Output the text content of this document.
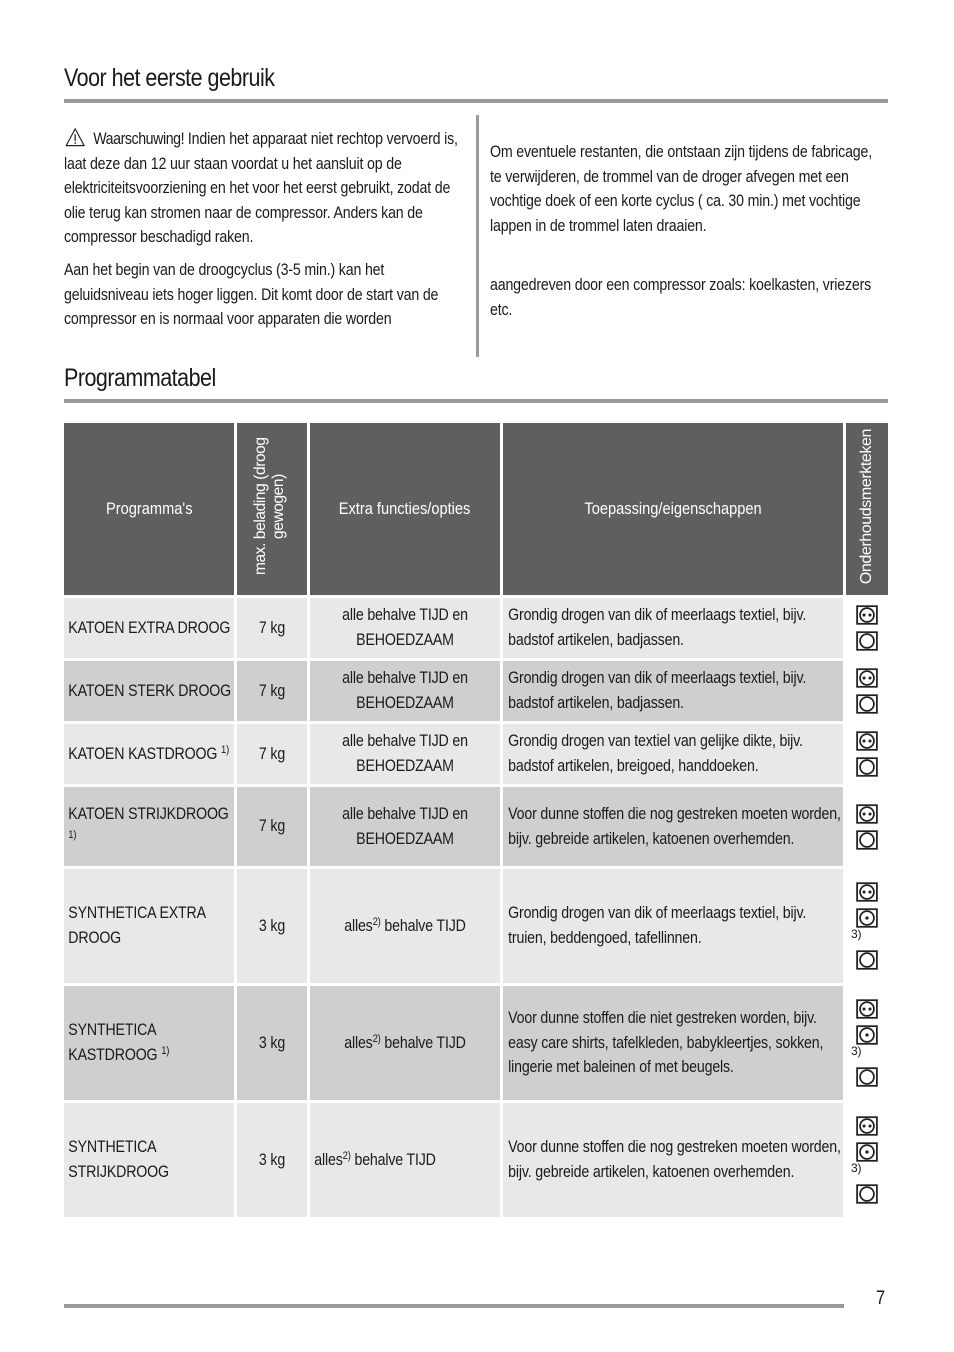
Voor het eerste gebruik

Waarschuwing! Indien het apparaat niet rechtop vervoerd is, laat deze dan 12 uur staan voordat u het aansluit op de elektriciteitsvoorziening en het voor het eerst gebruikt, zodat de olie terug kan stromen naar de compressor. Anders kan de compressor beschadigd raken.

Aan het begin van de droogcyclus (3-5 min.) kan het geluidsniveau iets hoger liggen. Dit komt door de start van de compressor en is normaal voor apparaten die worden

Om eventuele restanten, die ontstaan zijn tijdens de fabricage, te verwijderen, de trommel van de droger afvegen met een vochtige doek of een korte cyclus ( ca. 30 min.) met vochtige lappen in de trommel laten draaien.

aangedreven door een compressor zoals: koelkasten, vriezers etc.

Programmatabel
Programma's	max. belading (droog gewogen)	Extra functies/opties	Toepassing/eigenschappen	Onderhoudsmerkteken

KATOEN EXTRA DROOG	7 kg	alle behalve TIJD en BEHOEDZAAM	Grondig drogen van dik of meerlaags textiel, bijv. badstof artikelen, badjassen.

KATOEN STERK DROOG	7 kg	alle behalve TIJD en BEHOEDZAAM	Grondig drogen van dik of meerlaags textiel, bijv. badstof artikelen, badjassen.

KATOEN KASTDROOG $^{1)}$	7 kg	alle behalve TIJD en BEHOEDZAAM	Grondig drogen van textiel van gelijke dikte, bijv. badstof artikelen, breigoed, handdoeken.

KATOEN STRIJKDROOG $^{1)}$	7 kg	alle behalve TIJD en BEHOEDZAAM	Voor dunne stoffen die nog gestreken moeten worden, bijv. gebreide artikelen, katoenen overhemden.

SYNTHETICA EXTRA DROOG	3 kg	alles$^{2)}$ behalve TIJD	Grondig drogen van dik of meerlaags textiel, bijv. truien, beddengoed, tafellinnen.	3)

SYNTHETICA KASTDROOG $^{1)}$	3 kg	alles$^{2)}$ behalve TIJD	Voor dunne stoffen die niet gestreken worden, bijv. easy care shirts, tafelkleden, babykleertjes, sokken, lingerie met baleinen of met beugels.	3)

SYNTHETICA STRIJKDROOG	3 kg	alles$^{2)}$ behalve TIJD	Voor dunne stoffen die nog gestreken moeten worden, bijv. gebreide artikelen, katoenen overhemden.	3)
7
